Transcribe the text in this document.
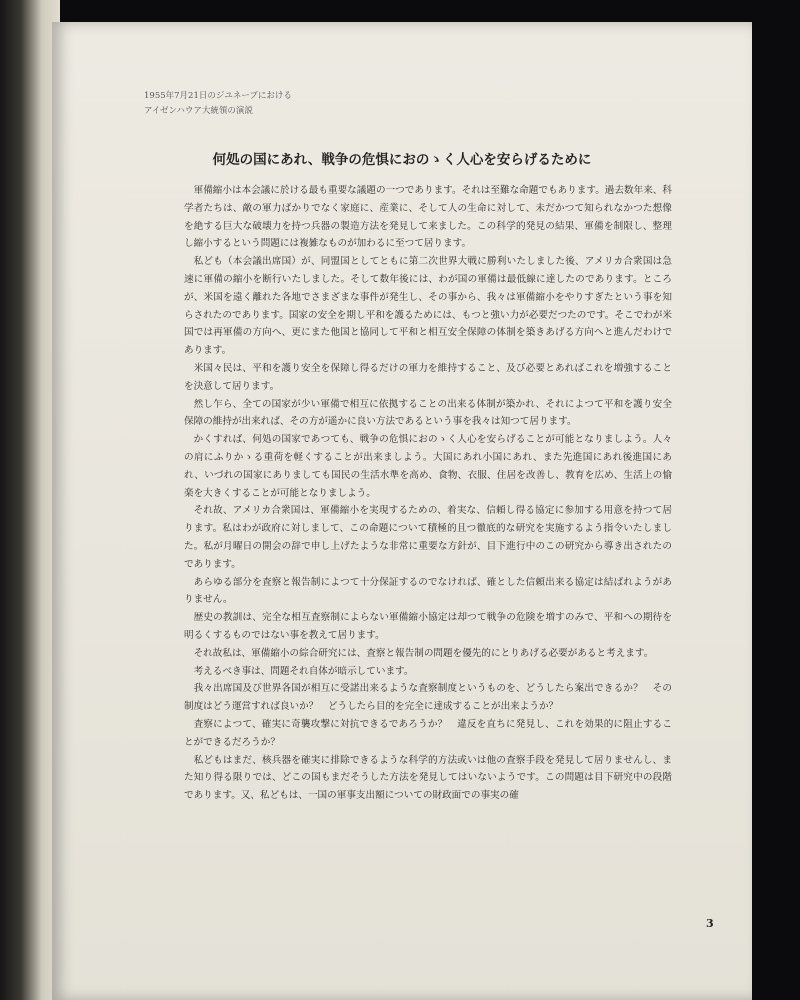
1955年7月21日のジユネーブにおける
アイゼンハウア大統領の演説
何処の国にあれ、戦争の危惧におのゝく人心を安らげるために

軍備縮小は本会議に於ける最も重要な議題の一つであります。それは至難な命題でもあります。過去数年来、科学者たちは、敵の軍力ばかりでなく家庭に、産業に、そして人の生命に対して、未だかつて知られなかつた想像を絶する巨大な破壊力を持つ兵器の製造方法を発見して来ました。この科学的発見の結果、軍備を制限し、整理し縮小するという問題には複雑なものが加わるに至つて居ります。

私ども（本会議出席国）が、同盟国としてともに第二次世界大戦に勝利いたしました後、アメリカ合衆国は急速に軍備の縮小を断行いたしました。そして数年後には、わが国の軍備は最低線に達したのであります。ところが、米国を遠く離れた各地でさまざまな事件が発生し、その事から、我々は軍備縮小をやりすぎたという事を知らされたのであります。国家の安全を期し平和を護るためには、もつと強い力が必要だつたのです。そこでわが米国では再軍備の方向へ、更にまた他国と協同して平和と相互安全保障の体制を築きあげる方向へと進んだわけであります。

米国々民は、平和を護り安全を保障し得るだけの軍力を維持すること、及び必要とあればこれを増強することを決意して居ります。

然し乍ら、全ての国家が少い軍備で相互に依拠することの出来る体制が築かれ、それによつて平和を護り安全保障の維持が出来れば、その方が遥かに良い方法であるという事を我々は知つて居ります。

かくすれば、何処の国家であつても、戦争の危惧におのゝく人心を安らげることが可能となりましよう。人々の肩にふりかゝる重荷を軽くすることが出来ましよう。大国にあれ小国にあれ、また先進国にあれ後進国にあれ、いづれの国家にありましても国民の生活水準を高め、食物、衣服、住居を改善し、教育を広め、生活上の愉楽を大きくすることが可能となりましよう。

それ故、アメリカ合衆国は、軍備縮小を実現するための、着実な、信頼し得る協定に参加する用意を持つて居ります。私はわが政府に対しまして、この命題について積極的且つ徹底的な研究を実施するよう指令いたしました。私が月曜日の開会の辞で申し上げたような非常に重要な方針が、目下進行中のこの研究から導き出されたのであります。

あらゆる部分を査察と報告制によつて十分保証するのでなければ、確とした信頼出来る協定は結ばれようがありません。

歴史の教訓は、完全な相互査察制によらない軍備縮小協定は却つて戦争の危険を増すのみで、平和への期待を明るくするものではない事を教えて居ります。

それ故私は、軍備縮小の綜合研究には、査察と報告制の問題を優先的にとりあげる必要があると考えます。

考えるべき事は、問題それ自体が暗示しています。

我々出席国及び世界各国が相互に受諾出来るような査察制度というものを、どうしたら案出できるか？　その制度はどう運営すれば良いか？　どうしたら目的を完全に達成することが出来ようか？

査察によつて、確実に奇襲攻撃に対抗できるであろうか？　違反を直ちに発見し、これを効果的に阻止することができるだろうか？

私どもはまだ、核兵器を確実に排除できるような科学的方法或いは他の査察手段を発見して居りませんし、また知り得る限りでは、どこの国もまだそうした方法を発見してはいないようです。この問題は目下研究中の段階であります。又、私どもは、一国の軍事支出額についての財政面での事実の確

3
